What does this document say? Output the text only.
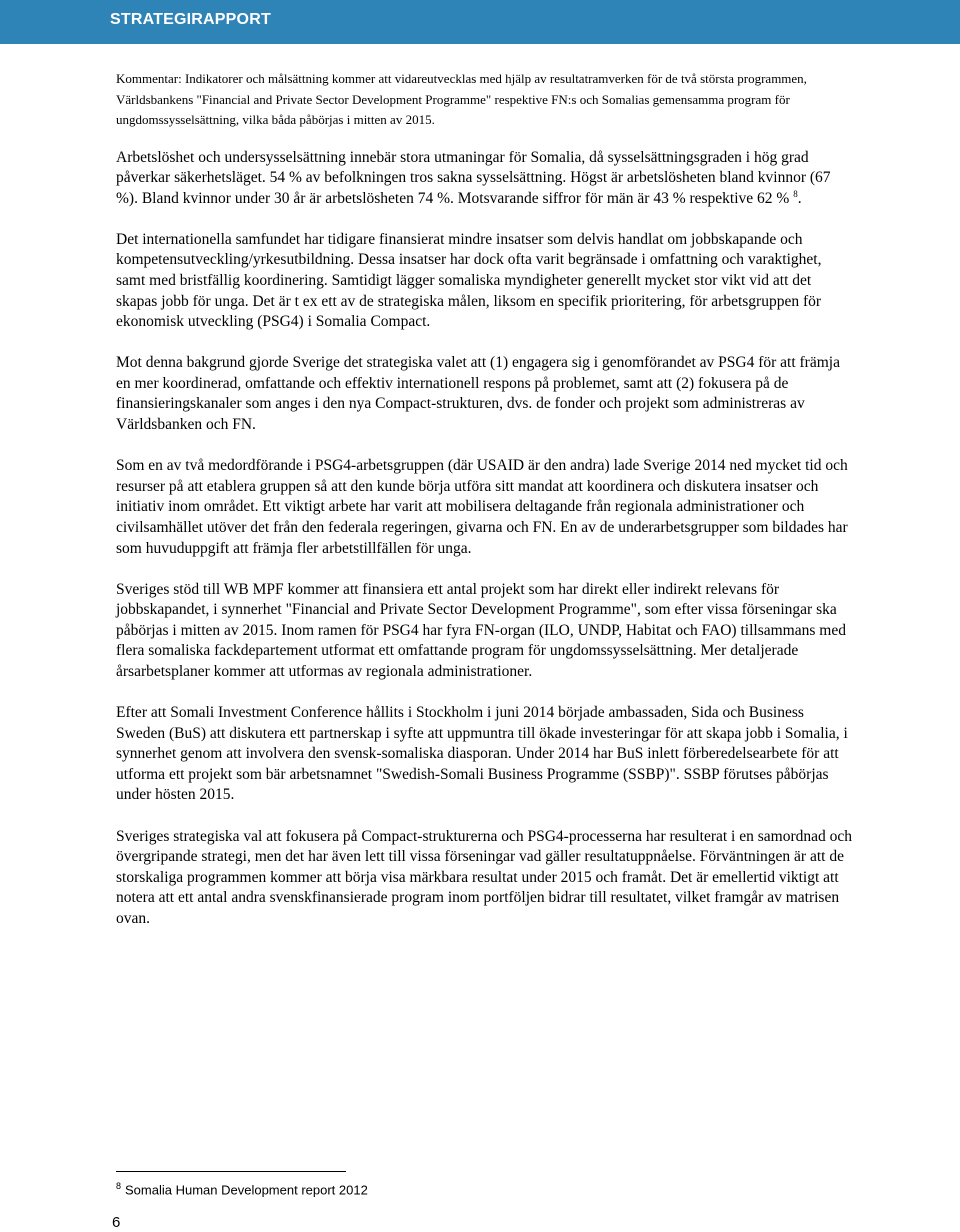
STRATEGIRAPPORT

Kommentar: Indikatorer och målsättning kommer att vidareutvecklas med hjälp av resultatramverken för de två största programmen, Världsbankens "Financial and Private Sector Development Programme" respektive FN:s och Somalias gemensamma program för ungdomssysselsättning, vilka båda påbörjas i mitten av 2015.

Arbetslöshet och undersysselsättning innebär stora utmaningar för Somalia, då sysselsättningsgraden i hög grad påverkar säkerhetsläget. 54 % av befolkningen tros sakna sysselsättning. Högst är arbetslösheten bland kvinnor (67 %). Bland kvinnor under 30 år är arbetslösheten 74 %. Motsvarande siffror för män är 43 % respektive 62 % $^8$.

Det internationella samfundet har tidigare finansierat mindre insatser som delvis handlat om jobbskapande och kompetensutveckling/yrkesutbildning. Dessa insatser har dock ofta varit begränsade i omfattning och varaktighet, samt med bristfällig koordinering. Samtidigt lägger somaliska myndigheter generellt mycket stor vikt vid att det skapas jobb för unga. Det är t ex ett av de strategiska målen, liksom en specifik prioritering, för arbetsgruppen för ekonomisk utveckling (PSG4) i Somalia Compact.

Mot denna bakgrund gjorde Sverige det strategiska valet att (1) engagera sig i genomförandet av PSG4 för att främja en mer koordinerad, omfattande och effektiv internationell respons på problemet, samt att (2) fokusera på de finansieringskanaler som anges i den nya Compact-strukturen, dvs. de fonder och projekt som administreras av Världsbanken och FN.

Som en av två medordförande i PSG4-arbetsgruppen (där USAID är den andra) lade Sverige 2014 ned mycket tid och resurser på att etablera gruppen så att den kunde börja utföra sitt mandat att koordinera och diskutera insatser och initiativ inom området. Ett viktigt arbete har varit att mobilisera deltagande från regionala administrationer och civilsamhället utöver det från den federala regeringen, givarna och FN. En av de underarbetsgrupper som bildades har som huvuduppgift att främja fler arbetstillfällen för unga.

Sveriges stöd till WB MPF kommer att finansiera ett antal projekt som har direkt eller indirekt relevans för jobbskapandet, i synnerhet "Financial and Private Sector Development Programme", som efter vissa förseningar ska påbörjas i mitten av 2015. Inom ramen för PSG4 har fyra FN-organ (ILO, UNDP, Habitat och FAO) tillsammans med flera somaliska fackdepartement utformat ett omfattande program för ungdomssysselsättning. Mer detaljerade årsarbetsplaner kommer att utformas av regionala administrationer.

Efter att Somali Investment Conference hållits i Stockholm i juni 2014 började ambassaden, Sida och Business Sweden (BuS) att diskutera ett partnerskap i syfte att uppmuntra till ökade investeringar för att skapa jobb i Somalia, i synnerhet genom att involvera den svensk-somaliska diasporan. Under 2014 har BuS inlett förberedelsearbete för att utforma ett projekt som bär arbetsnamnet "Swedish-Somali Business Programme (SSBP)". SSBP förutses påbörjas under hösten 2015.

Sveriges strategiska val att fokusera på Compact-strukturerna och PSG4-processerna har resulterat i en samordnad och övergripande strategi, men det har även lett till vissa förseningar vad gäller resultatuppnåelse. Förväntningen är att de storskaliga programmen kommer att börja visa märkbara resultat under 2015 och framåt. Det är emellertid viktigt att notera att ett antal andra svenskfinansierade program inom portföljen bidrar till resultatet, vilket framgår av matrisen ovan.

$^8$ Somalia Human Development report 2012
6
